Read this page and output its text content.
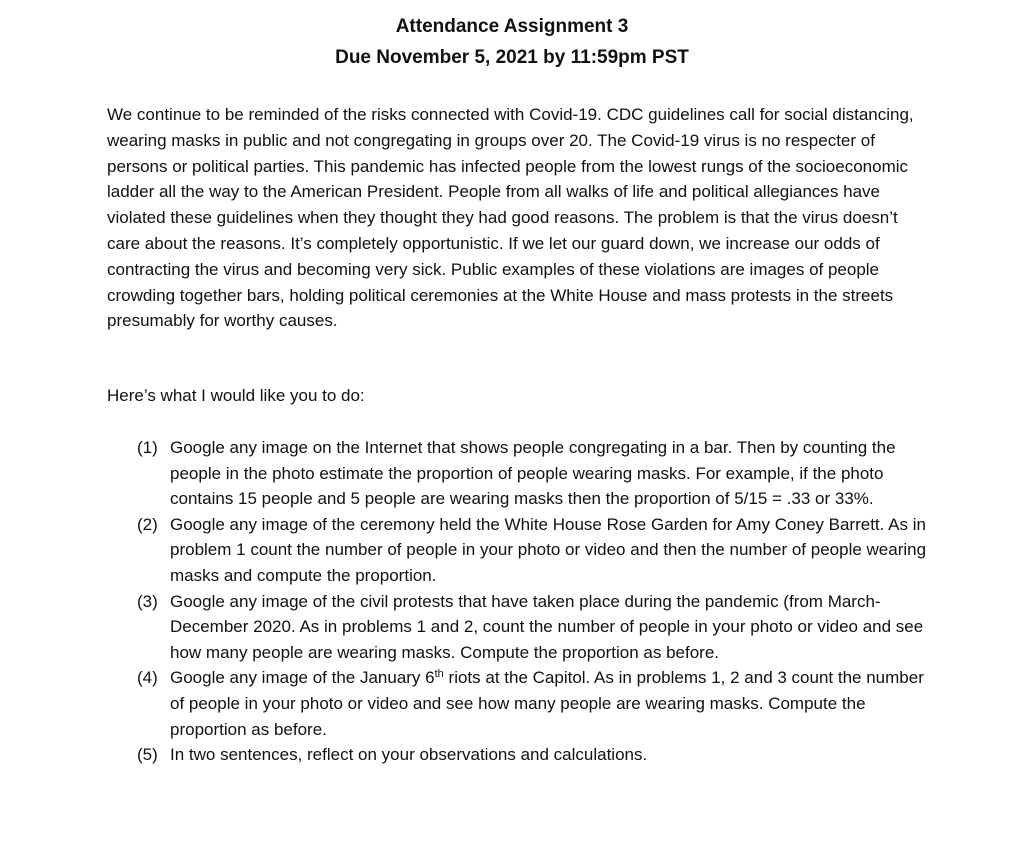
Attendance Assignment 3
Due November 5, 2021 by 11:59pm PST

We continue to be reminded of the risks connected with Covid-19. CDC guidelines call for social distancing, wearing masks in public and not congregating in groups over 20. The Covid-19 virus is no respecter of persons or political parties. This pandemic has infected people from the lowest rungs of the socioeconomic ladder all the way to the American President. People from all walks of life and political allegiances have violated these guidelines when they thought they had good reasons. The problem is that the virus doesn’t care about the reasons. It’s completely opportunistic. If we let our guard down, we increase our odds of contracting the virus and becoming very sick. Public examples of these violations are images of people crowding together bars, holding political ceremonies at the White House and mass protests in the streets presumably for worthy causes.

Here’s what I would like you to do:

(1) Google any image on the Internet that shows people congregating in a bar. Then by counting the people in the photo estimate the proportion of people wearing masks. For example, if the photo contains 15 people and 5 people are wearing masks then the proportion of 5/15 = .33 or 33%.
(2) Google any image of the ceremony held the White House Rose Garden for Amy Coney Barrett. As in problem 1 count the number of people in your photo or video and then the number of people wearing masks and compute the proportion.
(3) Google any image of the civil protests that have taken place during the pandemic (from March-December 2020. As in problems 1 and 2, count the number of people in your photo or video and see how many people are wearing masks. Compute the proportion as before.
(4) Google any image of the January 6th riots at the Capitol. As in problems 1, 2 and 3 count the number of people in your photo or video and see how many people are wearing masks. Compute the proportion as before.
(5) In two sentences, reflect on your observations and calculations.
